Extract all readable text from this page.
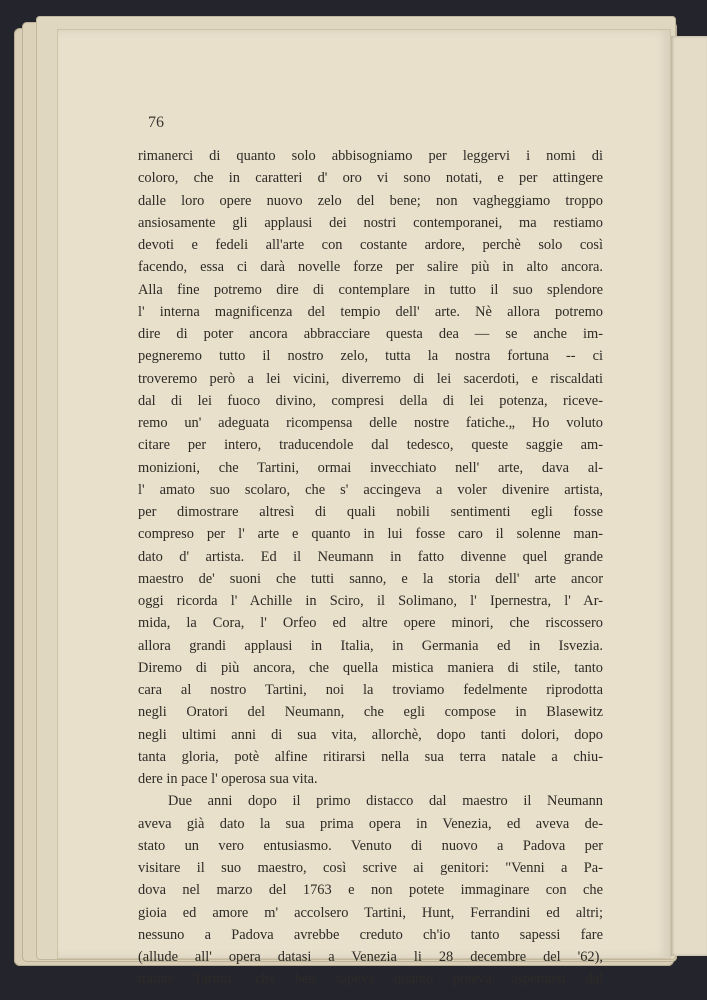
76
rimanerci di quanto solo abbisogniamo per leggervi i nomi di
coloro, che in caratteri d' oro vi sono notati, e per attingere
dalle loro opere nuovo zelo del bene; non vagheggiamo troppo
ansiosamente gli applausi dei nostri contemporanei, ma restiamo
devoti e fedeli all'arte con costante ardore, perchè solo così
facendo, essa ci darà novelle forze per salire più in alto ancora.
Alla fine potremo dire di contemplare in tutto il suo splendore
l' interna magnificenza del tempio dell' arte. Nè allora potremo
dire di poter ancora abbracciare questa dea — se anche im-
pegneremo tutto il nostro zelo, tutta la nostra fortuna -- ci
troveremo però a lei vicini, diverremo di lei sacerdoti, e riscaldati
dal di lei fuoco divino, compresi della di lei potenza, riceve-
remo un' adeguata ricompensa delle nostre fatiche.„ Ho voluto
citare per intero, traducendole dal tedesco, queste saggie am-
monizioni, che Tartini, ormai invecchiato nell' arte, dava al-
l' amato suo scolaro, che s' accingeva a voler divenire artista,
per dimostrare altresì di quali nobili sentimenti egli fosse
compreso per l' arte e quanto in lui fosse caro il solenne man-
dato d' artista. Ed il Neumann in fatto divenne quel grande
maestro de' suoni che tutti sanno, e la storia dell' arte ancor
oggi ricorda l' Achille in Sciro, il Solimano, l' Ipernestra, l' Ar-
mida, la Cora, l' Orfeo ed altre opere minori, che riscossero
allora grandi applausi in Italia, in Germania ed in Isvezia.
Diremo di più ancora, che quella mistica maniera di stile, tanto
cara al nostro Tartini, noi la troviamo fedelmente riprodotta
negli Oratori del Neumann, che egli compose in Blasewitz
negli ultimi anni di sua vita, allorchè, dopo tanti dolori, dopo
tanta gloria, potè alfine ritirarsi nella sua terra natale a chiu-
dere in pace l' operosa sua vita.
Due anni dopo il primo distacco dal maestro il Neumann
aveva già dato la sua prima opera in Venezia, ed aveva de-
stato un vero entusiasmo. Venuto di nuovo a Padova per
visitare il suo maestro, così scrive ai genitori: "Venni a Pa-
dova nel marzo del 1763 e non potete immaginare con che
gioia ed amore m' accolsero Tartini, Hunt, Ferrandini ed altri;
nessuno a Padova avrebbe creduto ch'io tanto sapessi fare
(allude all' opera datasi a Venezia li 28 decembre del '62),
tranne Tartini, che ben sapeva quanto poteva aspettarsi dal
